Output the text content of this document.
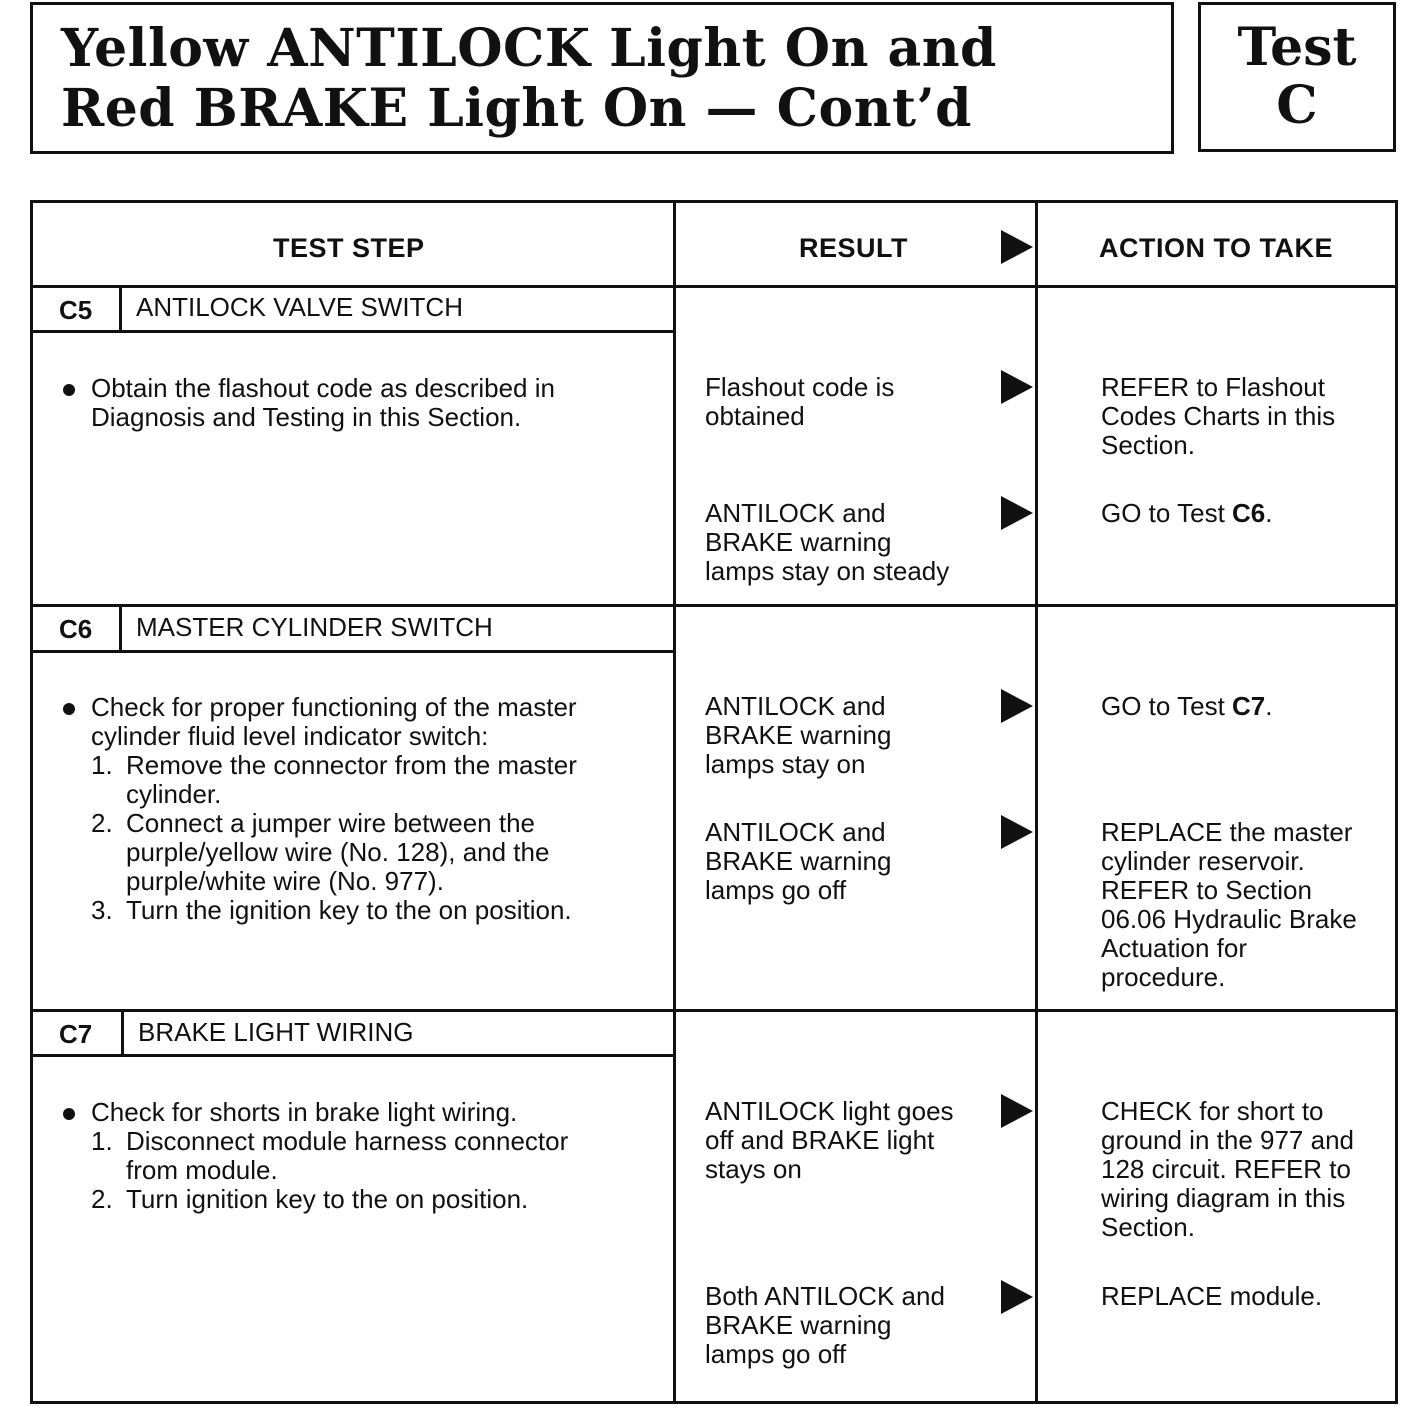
Yellow ANTILOCK Light On and
Red BRAKE Light On — Cont’d
Test
C
TEST STEP	RESULT	ACTION TO TAKE
C5 ANTILOCK VALVE SWITCH
Obtain the flashout code as described in
Diagnosis and Testing in this Section.
Flashout code is
obtained
REFER to Flashout
Codes Charts in this
Section.
ANTILOCK and
BRAKE warning
lamps stay on steady
GO to Test C6.
C6 MASTER CYLINDER SWITCH
Check for proper functioning of the master
cylinder fluid level indicator switch:
1. Remove the connector from the master
cylinder.
2. Connect a jumper wire between the
purple/yellow wire (No. 128), and the
purple/white wire (No. 977).
3. Turn the ignition key to the on position.
ANTILOCK and
BRAKE warning
lamps stay on
GO to Test C7.
ANTILOCK and
BRAKE warning
lamps go off
REPLACE the master
cylinder reservoir.
REFER to Section
06.06 Hydraulic Brake
Actuation for
procedure.
C7 BRAKE LIGHT WIRING
Check for shorts in brake light wiring.
1. Disconnect module harness connector
from module.
2. Turn ignition key to the on position.
ANTILOCK light goes
off and BRAKE light
stays on
CHECK for short to
ground in the 977 and
128 circuit. REFER to
wiring diagram in this
Section.
Both ANTILOCK and
BRAKE warning
lamps go off
REPLACE module.
